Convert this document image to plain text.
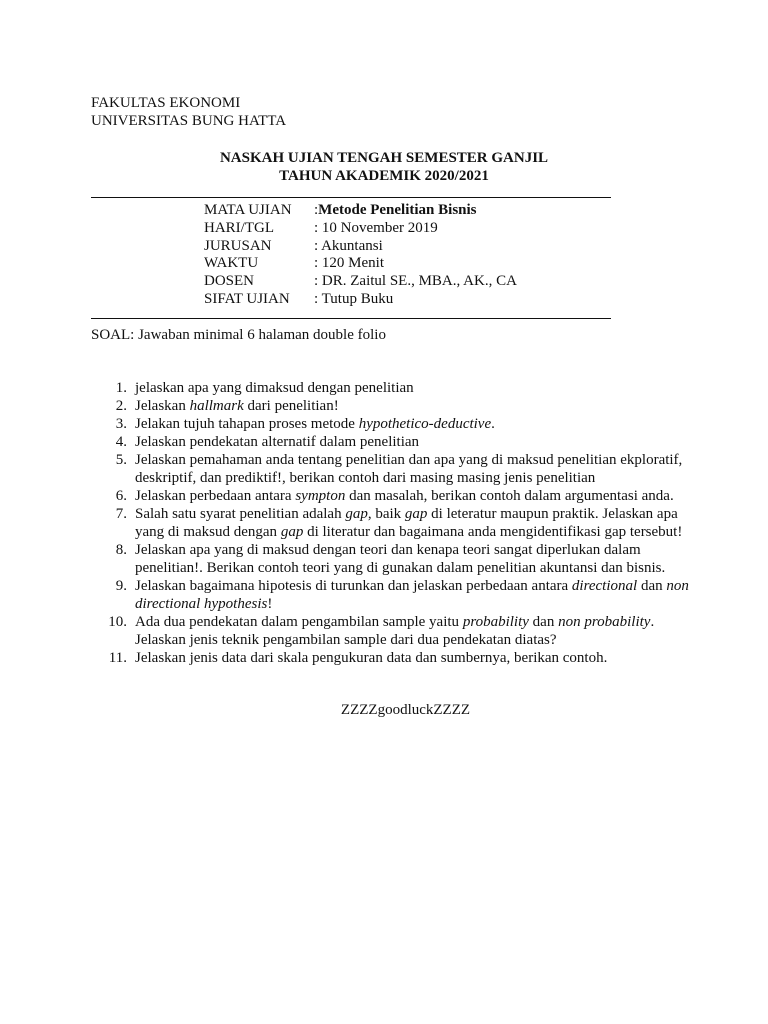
FAKULTAS EKONOMI
UNIVERSITAS BUNG HATTA
NASKAH UJIAN TENGAH SEMESTER GANJIL
TAHUN AKADEMIK 2020/2021
MATA UJIAN	: Metode Penelitian Bisnis
HARI/TGL	: 10 November 2019
JURUSAN	: Akuntansi
WAKTU	: 120 Menit
DOSEN	: DR. Zaitul SE., MBA., AK., CA
SIFAT UJIAN	: Tutup Buku
SOAL: Jawaban minimal 6 halaman double folio
1. jelaskan apa yang dimaksud dengan penelitian
2. Jelaskan hallmark dari penelitian!
3. Jelakan tujuh tahapan proses metode hypothetico-deductive.
4. Jelaskan pendekatan alternatif dalam penelitian
5. Jelaskan pemahaman anda tentang penelitian dan apa yang di maksud penelitian ekploratif, deskriptif, dan prediktif!, berikan contoh dari masing masing jenis penelitian
6. Jelaskan perbedaan antara sympton dan masalah, berikan contoh dalam argumentasi anda.
7. Salah satu syarat penelitian adalah gap, baik gap di leteratur maupun praktik. Jelaskan apa yang di maksud dengan gap di literatur dan bagaimana anda mengidentifikasi gap tersebut!
8. Jelaskan apa yang di maksud dengan teori dan kenapa teori sangat diperlukan dalam penelitian!. Berikan contoh teori yang di gunakan dalam penelitian akuntansi dan bisnis.
9. Jelaskan bagaimana hipotesis di turunkan dan jelaskan perbedaan antara directional dan non directional hypothesis!
10. Ada dua pendekatan dalam pengambilan sample yaitu probability dan non probability. Jelaskan jenis teknik pengambilan sample dari dua pendekatan diatas?
11. Jelaskan jenis data dari skala pengukuran data dan sumbernya, berikan contoh.
ZZZZgoodluckZZZZ
